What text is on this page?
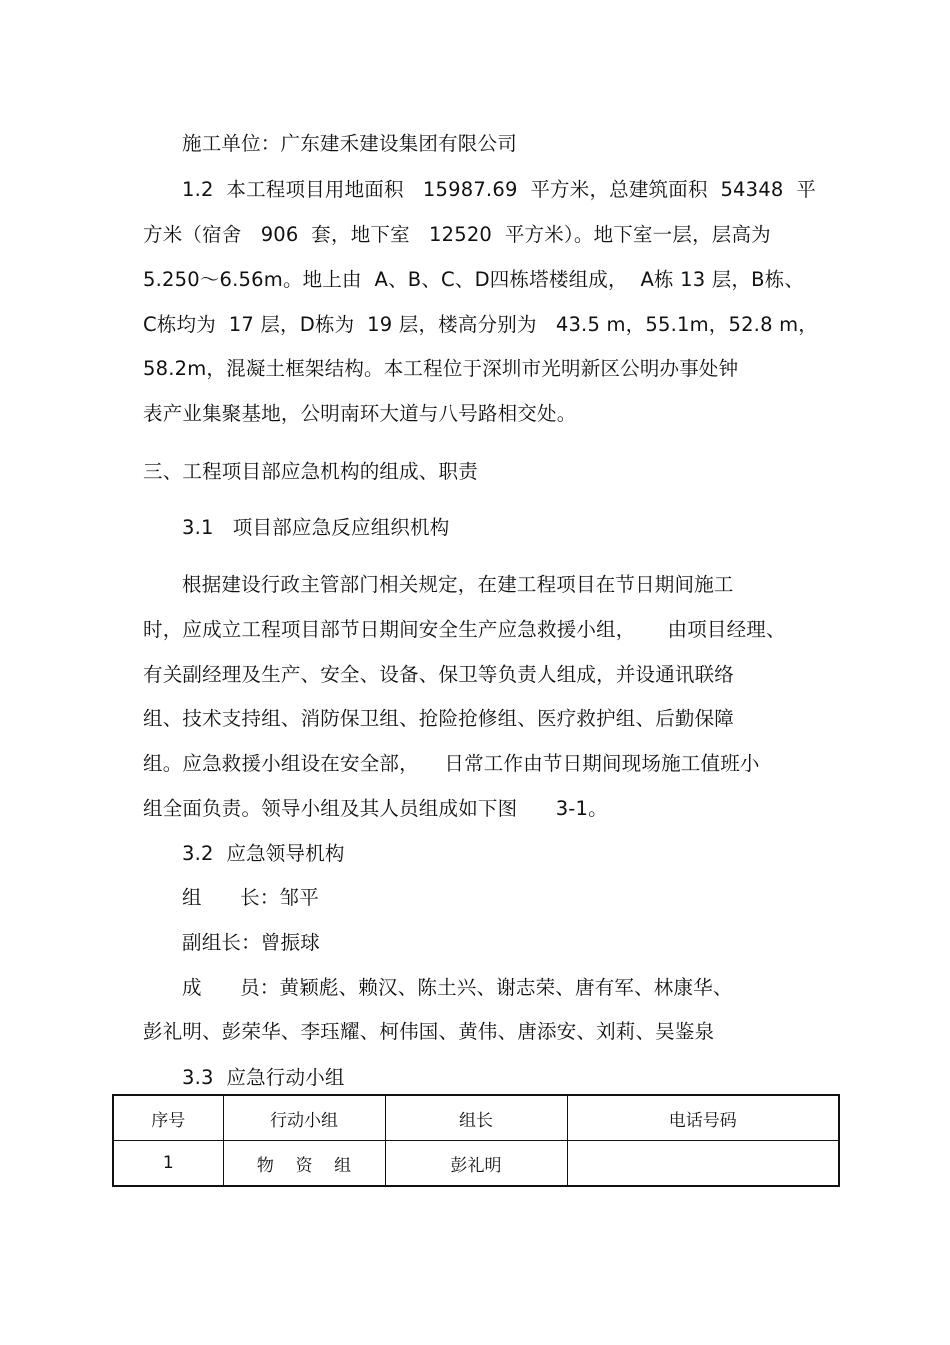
施工单位：广东建禾建设集团有限公司
1.2  本工程项目用地面积   15987.69  平方米，总建筑面积  54348  平
方米（宿舍   906  套，地下室   12520  平方米）。地下室一层，层高为
5.250～6.56m。地上由  A、B、C、D四栋塔楼组成，  A栋 13 层，B栋、
C栋均为  17 层，D栋为  19 层，楼高分别为   43.5 m，55.1m，52.8 m，
58.2m，混凝土框架结构。本工程位于深圳市光明新区公明办事处钟
表产业集聚基地，公明南环大道与八号路相交处。
三、工程项目部应急机构的组成、职责
3.1   项目部应急反应组织机构
根据建设行政主管部门相关规定，在建工程项目在节日期间施工
时，应成立工程项目部节日期间安全生产应急救援小组，     由项目经理、
有关副经理及生产、安全、设备、保卫等负责人组成，并设通讯联络
组、技术支持组、消防保卫组、抢险抢修组、医疗救护组、后勤保障
组。应急救援小组设在安全部，    日常工作由节日期间现场施工值班小
组全面负责。领导小组及其人员组成如下图      3-1。
3.2  应急领导机构
组      长：邹平
副组长：曾振球
成      员：黄颖彪、赖汉、陈土兴、谢志荣、唐有军、林康华、
彭礼明、彭荣华、李珏耀、柯伟国、黄伟、唐添安、刘莉、吴鉴泉
3.3  应急行动小组
序号	行动小组	组长	电话号码
1	物    资    组	彭礼明	
